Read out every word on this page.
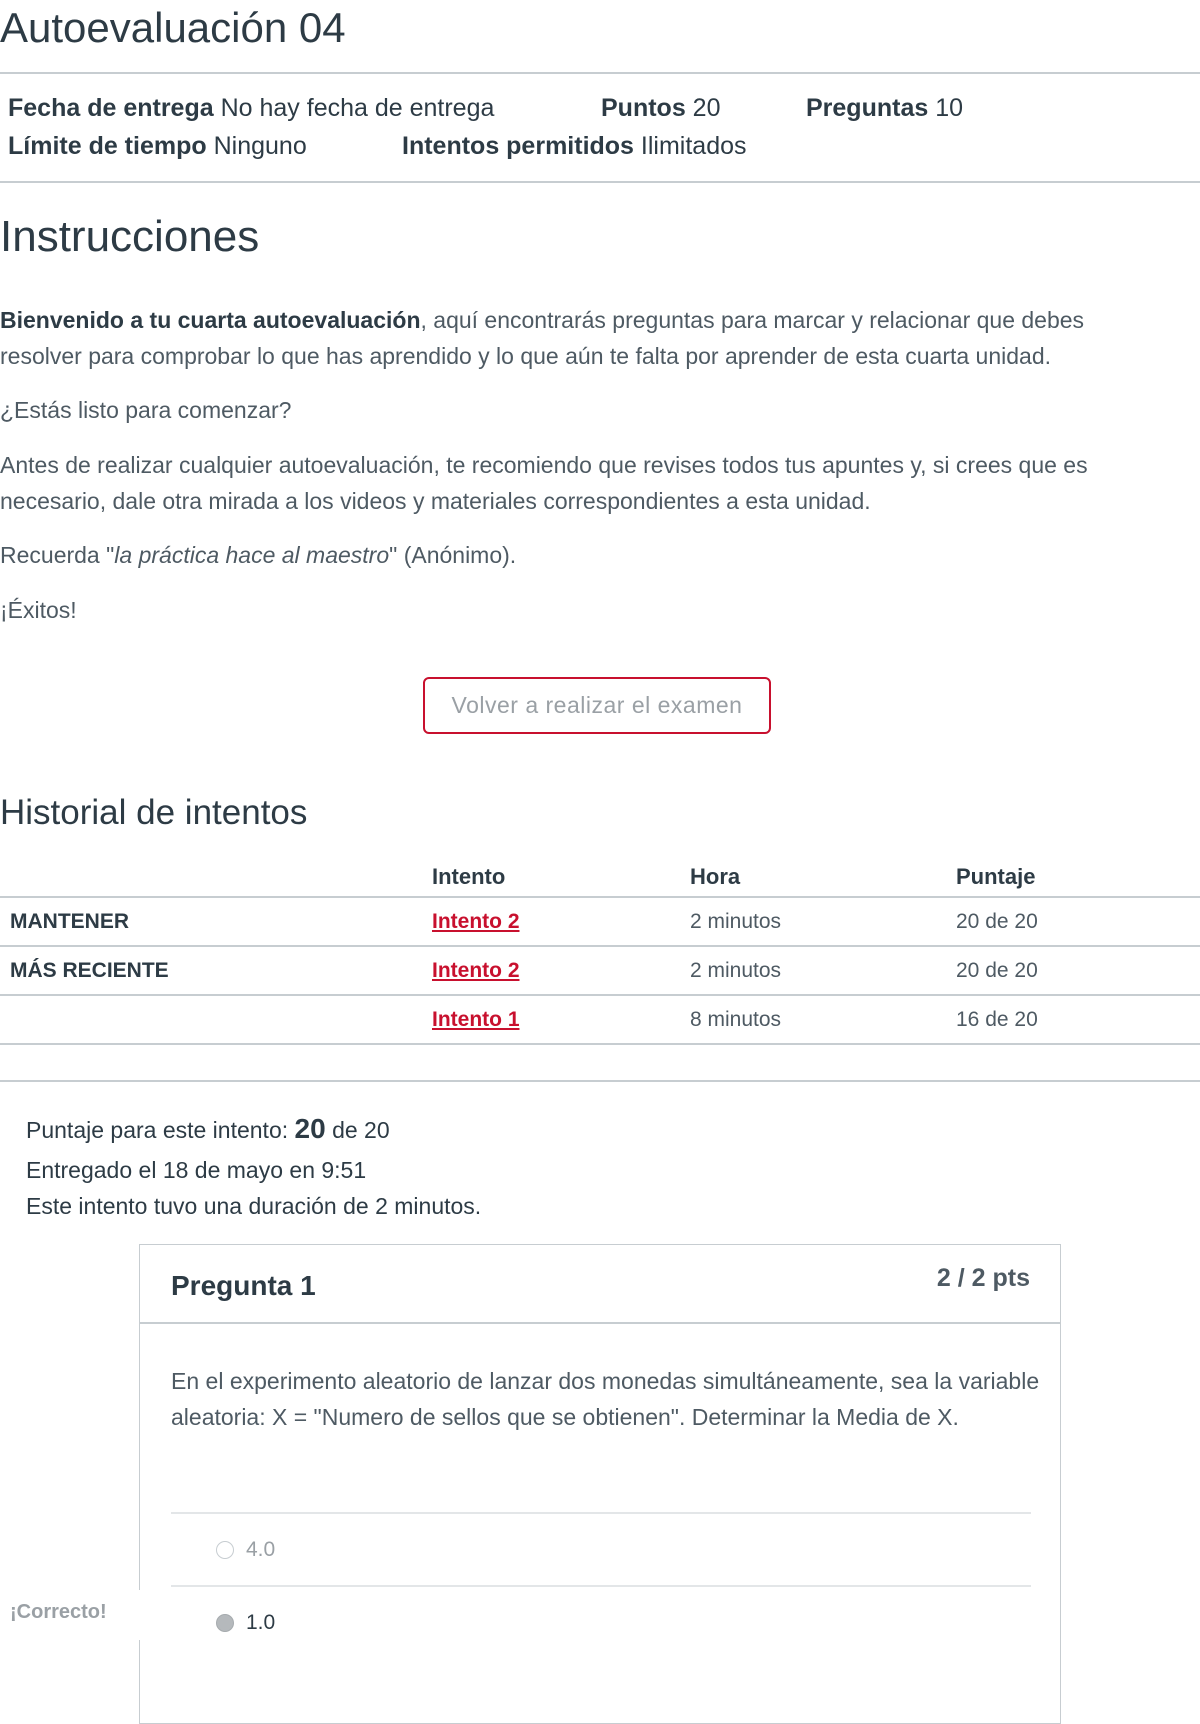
Autoevaluación 04
Fecha de entrega No hay fecha de entrega	Puntos 20	Preguntas 10
Límite de tiempo Ninguno	Intentos permitidos Ilimitados
Instrucciones

Bienvenido a tu cuarta autoevaluación, aquí encontrarás preguntas para marcar y relacionar que debes resolver para comprobar lo que has aprendido y lo que aún te falta por aprender de esta cuarta unidad.

¿Estás listo para comenzar?

Antes de realizar cualquier autoevaluación, te recomiendo que revises todos tus apuntes y, si crees que es necesario, dale otra mirada a los videos y materiales correspondientes a esta unidad.

Recuerda "la práctica hace al maestro" (Anónimo).

¡Éxitos!

Volver a realizar el examen
Historial de intentos
	Intento	Hora	Puntaje
MANTENER	Intento 2	2 minutos	20 de 20
MÁS RECIENTE	Intento 2	2 minutos	20 de 20
	Intento 1	8 minutos	16 de 20
Puntaje para este intento: 20 de 20
Entregado el 18 de mayo en 9:51
Este intento tuvo una duración de 2 minutos.
Pregunta 1	2 / 2 pts

En el experimento aleatorio de lanzar dos monedas simultáneamente, sea la variable aleatoria: X = "Numero de sellos que se obtienen". Determinar la Media de X.

4.0
1.0
¡Correcto!
